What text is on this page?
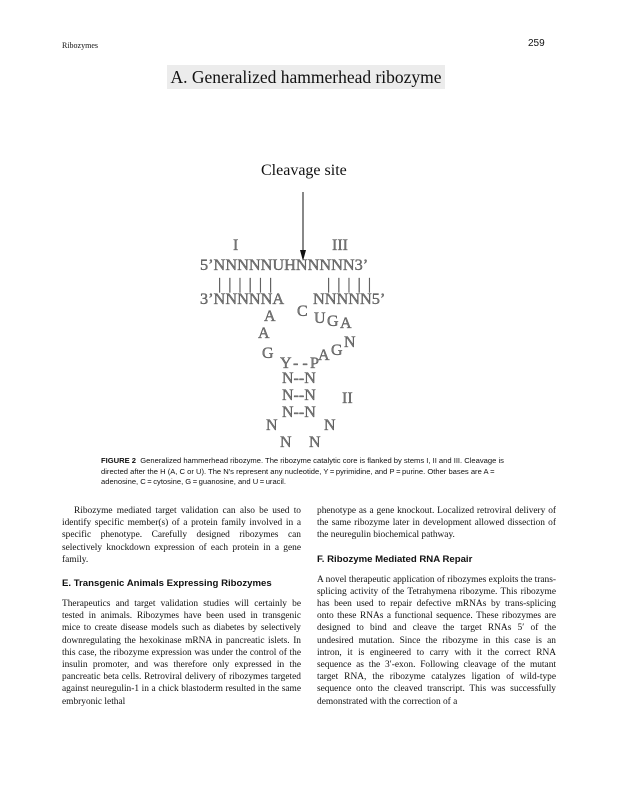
Ribozymes	259
A. Generalized hammerhead ribozyme
Cleavage site
I	III
5’NNNNNUHNNNNN3’
| | | | | |	| | | | |
3’NNNNNA NNNNN5’
A C U G A
A
N
G
A
G
Y - - P
N--N
N--N II
N--N
N	N
N N
FIGURE 2 Generalized hammerhead ribozyme. The ribozyme catalytic core is flanked by stems I, II and III. Cleavage is directed after the H (A, C or U). The N's represent any nucleotide, Y = pyrimidine, and P = purine. Other bases are A = adenosine, C = cytosine, G = guanosine, and U = uracil.

Ribozyme mediated target validation can also be used to identify specific member(s) of a protein family involved in a specific phenotype. Carefully designed ribozymes can selectively knockdown expression of each protein in a gene family.

E. Transgenic Animals Expressing Ribozymes

Therapeutics and target validation studies will certainly be tested in animals. Ribozymes have been used in transgenic mice to create disease models such as diabetes by selectively downregulating the hexokinase mRNA in pancreatic islets. In this case, the ribozyme expression was under the control of the insulin promoter, and was therefore only expressed in the pancreatic beta cells. Retroviral delivery of ribozymes targeted against neuregulin-1 in a chick blastoderm resulted in the same embryonic lethal

phenotype as a gene knockout. Localized retroviral delivery of the same ribozyme later in development allowed dissection of the neuregulin biochemical pathway.

F. Ribozyme Mediated RNA Repair

A novel therapeutic application of ribozymes exploits the trans-splicing activity of the Tetrahymena ribozyme. This ribozyme has been used to repair defective mRNAs by trans-splicing onto these RNAs a functional sequence. These ribozymes are designed to bind and cleave the target RNAs 5′ of the undesired mutation. Since the ribozyme in this case is an intron, it is engineered to carry with it the correct RNA sequence as the 3′-exon. Following cleavage of the mutant target RNA, the ribozyme catalyzes ligation of wild-type sequence onto the cleaved transcript. This was successfully demonstrated with the correction of a
